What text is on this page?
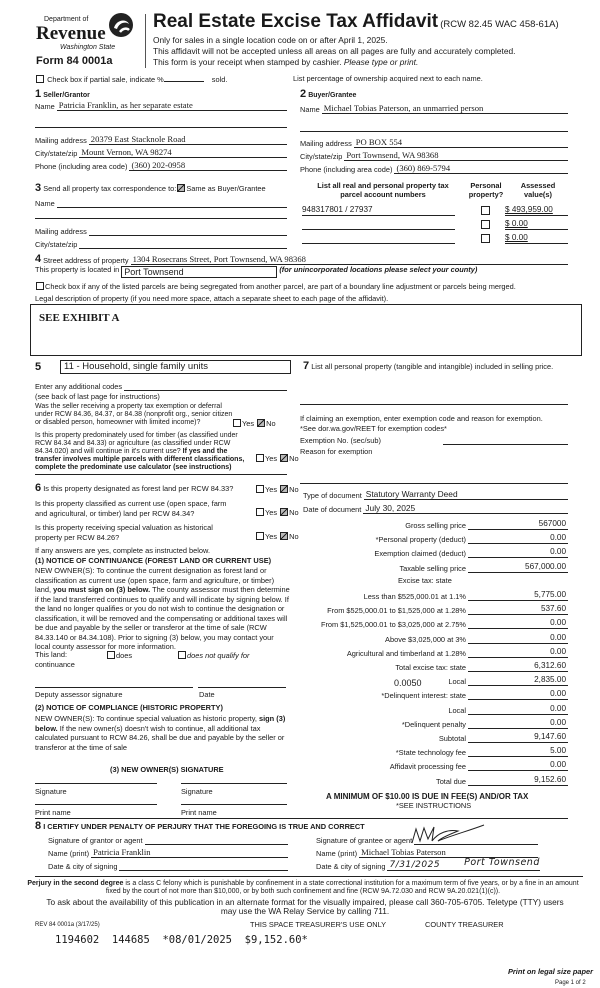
Department of
Revenue
Washington State
Form 84 0001a
Real Estate Excise Tax Affidavit (RCW 82.45 WAC 458-61A)
Only for sales in a single location code on or after April 1, 2025.
This affidavit will not be accepted unless all areas on all pages are fully and accurately completed.
This form is your receipt when stamped by cashier. Please type or print.
Check box if partial sale, indicate %	sold.	List percentage of ownership acquired next to each name.
1 Seller/Grantor
Name Patricia Franklin, as her separate estate
Mailing address 20379 East Stacknole Road
City/state/zip Mount Vernon, WA 98274
Phone (including area code) (360) 202-0958
2 Buyer/Grantee
Name Michael Tobias Paterson, an unmarried person
Mailing address PO BOX 554
City/state/zip Port Townsend, WA 98368
Phone (including area code) (360) 869-5794
3 Send all property tax correspondence to: Same as Buyer/Grantee
Name
Mailing address
City/state/zip
List all real and personal property tax parcel account numbers
Personal property?
Assessed value(s)
948317801 / 27937	$ 493,959.00
$ 0.00
$ 0.00
4 Street address of property 1304 Rosecrans Street, Port Townsend, WA 98368
This property is located in Port Townsend	(for unincorporated locations please select your county)
Check box if any of the listed parcels are being segregated from another parcel, are part of a boundary line adjustment or parcels being merged.
Legal description of property (if you need more space, attach a separate sheet to each page of the affidavit).
SEE EXHIBIT A
5	11 - Household, single family units
Enter any additional codes
(see back of last page for instructions)
Was the seller receiving a property tax exemption or deferral under RCW 84.36, 84.37, or 84.38 (nonprofit org., senior citizen or disabled person, homeowner with limited income)?	Yes No
Is this property predominately used for timber (as classified under RCW 84.34 and 84.33) or agriculture (as classified under RCW 84.34.020) and will continue in it's current use? If yes and the transfer involves multiple parcels with different classifications, complete the predominate use calculator (see instructions)
Yes No
6 Is this property designated as forest land per RCW 84.33?	Yes No
Is this property classified as current use (open space, farm and agricultural, or timber) land per RCW 84.34?	Yes No
Is this property receiving special valuation as historical property per RCW 84.26?	Yes No
If any answers are yes, complete as instructed below.
(1) NOTICE OF CONTINUANCE (FOREST LAND OR CURRENT USE)
NEW OWNER(S): To continue the current designation as forest land or classification as current use (open space, farm and agriculture, or timber) land, you must sign on (3) below. The county assessor must then determine if the land transferred continues to qualify and will indicate by signing below. If the land no longer qualifies or you do not wish to continue the designation or classification, it will be removed and the compensating or additional taxes will be due and payable by the seller or transferor at the time of sale (RCW 84.33.140 or 84.34.108). Prior to signing (3) below, you may contact your local county assessor for more information.
This land:	does	does not qualify for
continuance
Deputy assessor signature	Date
(2) NOTICE OF COMPLIANCE (HISTORIC PROPERTY)
NEW OWNER(S): To continue special valuation as historic property, sign (3) below. If the new owner(s) doesn't wish to continue, all additional tax calculated pursuant to RCW 84.26, shall be due and payable by the seller or transferor at the time of sale
(3) NEW OWNER(S) SIGNATURE
Signature	Signature
Print name	Print name
7 List all personal property (tangible and intangible) included in selling price.
If claiming an exemption, enter exemption code and reason for exemption. *See dor.wa.gov/REET for exemption codes*
Exemption No. (sec/sub)
Reason for exemption
Type of document Statutory Warranty Deed
Date of document July 30, 2025
Gross selling price	567000
*Personal property (deduct)	0.00
Exemption claimed (deduct)	0.00
Taxable selling price	567,000.00
Excise tax: state
Less than $525,000.01 at 1.1%	5,775.00
From $525,000.01 to $1,525,000 at 1.28%	537.60
From $1,525,000.01 to $3,025,000 at 2.75%	0.00
Above $3,025,000 at 3%	0.00
Agricultural and timberland at 1.28%	0.00
Total excise tax: state	6,312.60
Local	2,835.00
*Delinquent interest: state	0.00
Local	0.00
*Delinquent penalty	0.00
Subtotal	9,147.60
*State technology fee	5.00
Affidavit processing fee	0.00
Total due	9,152.60
0.0050
A MINIMUM OF $10.00 IS DUE IN FEE(S) AND/OR TAX
*SEE INSTRUCTIONS
8 I CERTIFY UNDER PENALTY OF PERJURY THAT THE FOREGOING IS TRUE AND CORRECT
Signature of grantor or agent
Name (print) Patricia Franklin
Date & city of signing
Signature of grantee or agent
Name (print) Michael Tobias Paterson
Date & city of signing 7/31/2025	Port Townsend
Perjury in the second degree is a class C felony which is punishable by confinement in a state correctional institution for a maximum term of five years, or by a fine in an amount fixed by the court of not more than $10,000, or by both such confinement and fine (RCW 9A.72.030 and RCW 9A.20.021(1)(c)).
To ask about the availability of this publication in an alternate format for the visually impaired, please call 360-705-6705. Teletype (TTY) users may use the WA Relay Service by calling 711.
REV 84 0001a (3/17/25)	THIS SPACE TREASURER'S USE ONLY	COUNTY TREASURER
1194602  144685  *08/01/2025  $9,152.60*
Print on legal size paper
Page 1 of 2
